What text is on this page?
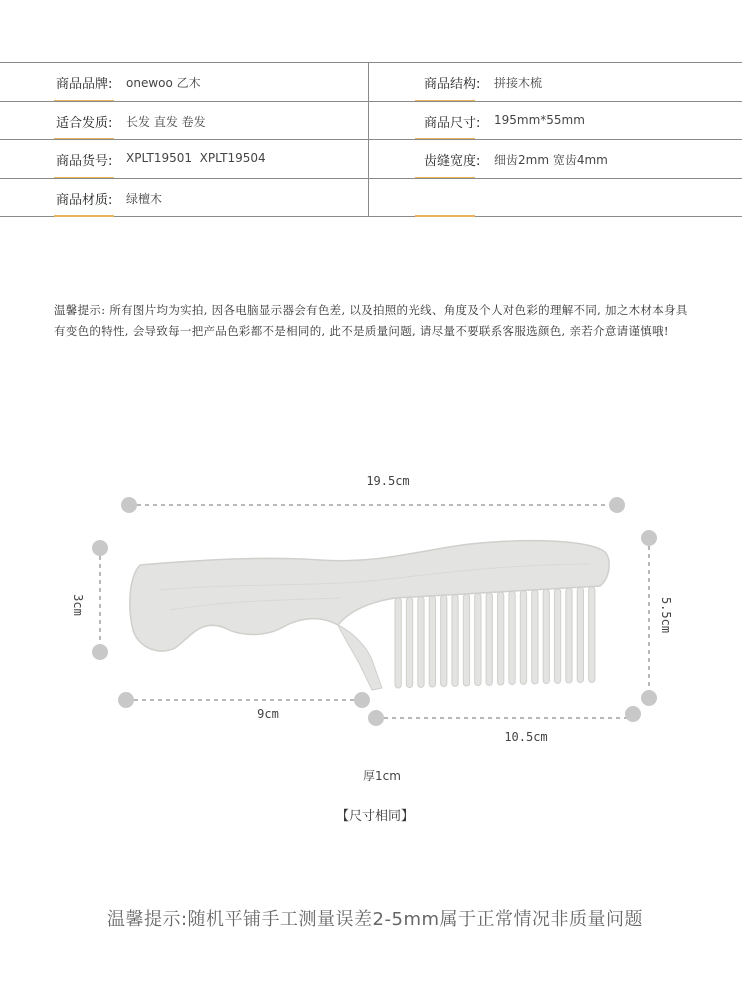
商品品牌: onewoo 乙木	商品结构: 拼接木梳
适合发质: 长发 直发 卷发	商品尺寸: 195mm*55mm
商品货号: XPLT19501  XPLT19504	齿缝宽度: 细齿2mm 宽齿4mm
商品材质: 绿檀木
温馨提示: 所有图片均为实拍, 因各电脑显示器会有色差, 以及拍照的光线、角度及个人对色彩的理解不同, 加之木材本身具有变色的特性, 会导致每一把产品色彩都不是相同的, 此不是质量问题, 请尽量不要联系客服选颜色, 亲若介意请谨慎哦!
19.5cm
3cm	5.5cm
9cm
10.5cm
厚1cm
【尺寸相同】
温馨提示:随机平铺手工测量误差2-5mm属于正常情况非质量问题
